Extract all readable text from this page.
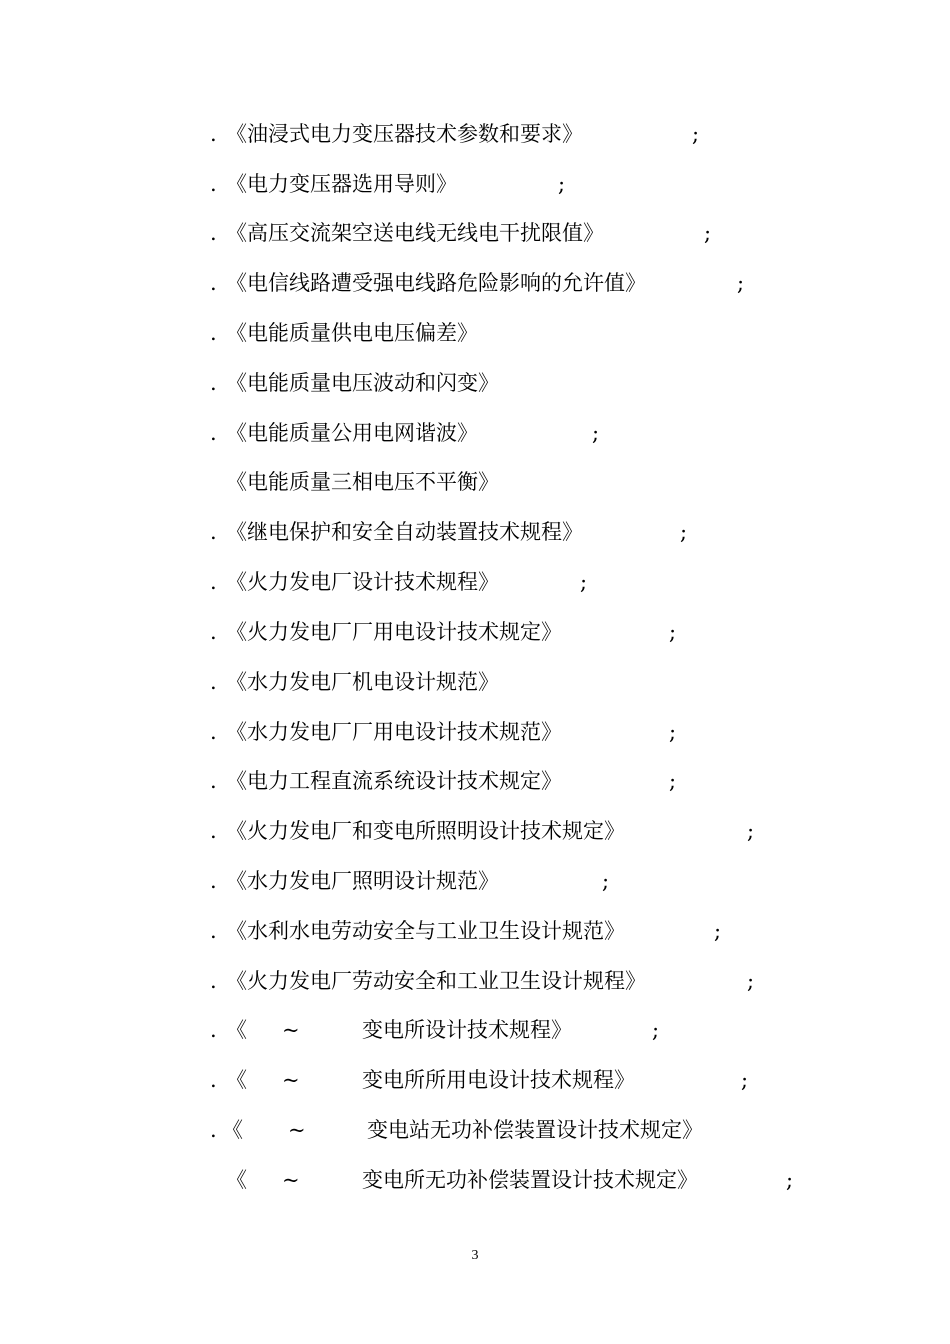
. 《油浸式电力变压器技术参数和要求》	;
. 《电力变压器选用导则》	;
. 《高压交流架空送电线无线电干扰限值》	;
. 《电信线路遭受强电线路危险影响的允许值》	;
. 《电能质量供电电压偏差》
. 《电能质量电压波动和闪变》
. 《电能质量公用电网谐波》	;
《电能质量三相电压不平衡》
. 《继电保护和安全自动装置技术规程》	;
. 《火力发电厂设计技术规程》	;
. 《火力发电厂厂用电设计技术规定》	;
. 《水力发电厂机电设计规范》
. 《水力发电厂厂用电设计技术规范》	;
. 《电力工程直流系统设计技术规定》	;
. 《火力发电厂和变电所照明设计技术规定》	;
. 《水力发电厂照明设计规范》	;
. 《水利水电劳动安全与工业卫生设计规范》	;
. 《火力发电厂劳动安全和工业卫生设计规程》	;
. 《 ~	变电所设计技术规程》	;
. 《 ~	变电所所用电设计技术规程》	;
. 《 ~	变电站无功补偿装置设计技术规定》
《 ~	变电所无功补偿装置设计技术规定》	;
3
